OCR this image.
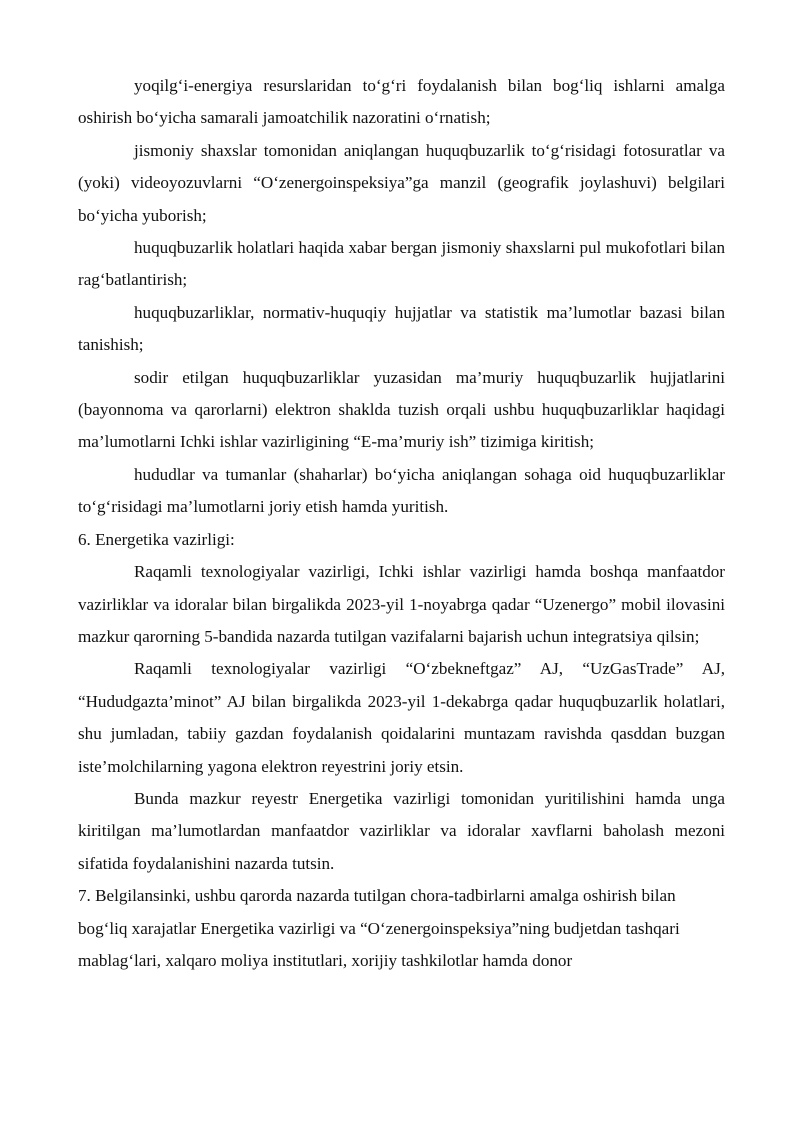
yoqilg‘i-energiya resurslaridan to‘g‘ri foydalanish bilan bog‘liq ishlarni amalga oshirish bo‘yicha samarali jamoatchilik nazoratini o‘rnatish;

jismoniy shaxslar tomonidan aniqlangan huquqbuzarlik to‘g‘risidagi fotosuratlar va (yoki) videoyozuvlarni “O‘zenergoinspeksiya”ga manzil (geografik joylashuvi) belgilari bo‘yicha yuborish;

huquqbuzarlik holatlari haqida xabar bergan jismoniy shaxslarni pul mukofotlari bilan rag‘batlantirish;

huquqbuzarliklar, normativ-huquqiy hujjatlar va statistik ma’lumotlar bazasi bilan tanishish;

sodir etilgan huquqbuzarliklar yuzasidan ma’muriy huquqbuzarlik hujjatlarini (bayonnoma va qarorlarni) elektron shaklda tuzish orqali ushbu huquqbuzarliklar haqidagi ma’lumotlarni Ichki ishlar vazirligining “E-ma’muriy ish” tizimiga kiritish;

hududlar va tumanlar (shaharlar) bo‘yicha aniqlangan sohaga oid huquqbuzarliklar to‘g‘risidagi ma’lumotlarni joriy etish hamda yuritish.

6. Energetika vazirligi:

Raqamli texnologiyalar vazirligi, Ichki ishlar vazirligi hamda boshqa manfaatdor vazirliklar va idoralar bilan birgalikda 2023-yil 1-noyabrga qadar “Uzenergo” mobil ilovasini mazkur qarorning 5-bandida nazarda tutilgan vazifalarni bajarish uchun integratsiya qilsin;

Raqamli texnologiyalar vazirligi “O‘zbekneftgaz” AJ, “UzGasTrade” AJ, “Hududgazta’minot” AJ bilan birgalikda 2023-yil 1-dekabrga qadar huquqbuzarlik holatlari, shu jumladan, tabiiy gazdan foydalanish qoidalarini muntazam ravishda qasddan buzgan iste’molchilarning yagona elektron reyestrini joriy etsin.

Bunda mazkur reyestr Energetika vazirligi tomonidan yuritilishini hamda unga kiritilgan ma’lumotlardan manfaatdor vazirliklar va idoralar xavflarni baholash mezoni sifatida foydalanishini nazarda tutsin.

7. Belgilansinki, ushbu qarorda nazarda tutilgan chora-tadbirlarni amalga oshirish bilan bog‘liq xarajatlar Energetika vazirligi va “O‘zenergoinspeksiya”ning budjetdan tashqari mablag‘lari, xalqaro moliya institutlari, xorijiy tashkilotlar hamda donor
